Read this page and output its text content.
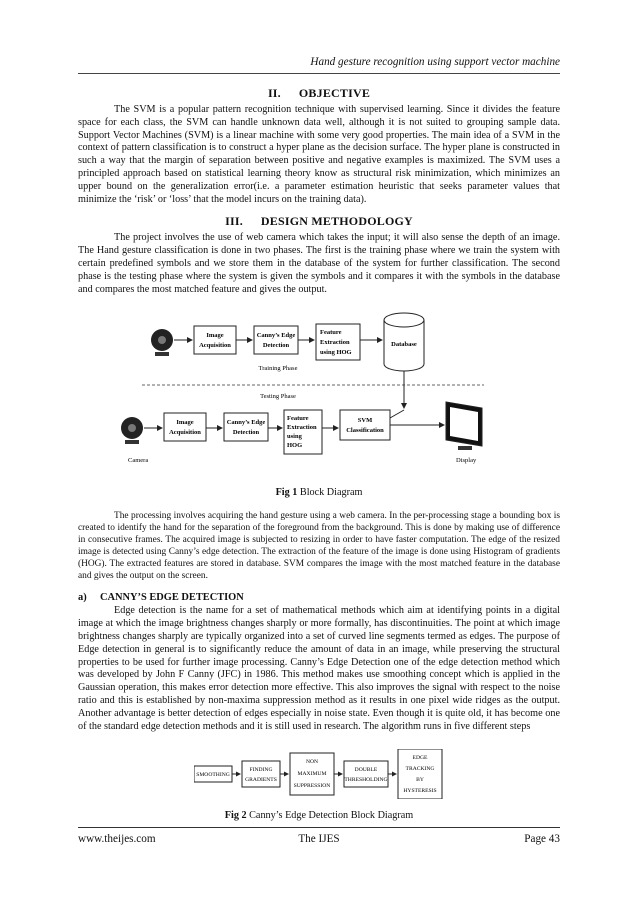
Hand gesture recognition using support vector machine
II. OBJECTIVE

The SVM is a popular pattern recognition technique with supervised learning. Since it divides the feature space for each class, the SVM can handle unknown data well, although it is not suited to grouping sample data. Support Vector Machines (SVM) is a linear machine with some very good properties. The main idea of a SVM in the context of pattern classification is to construct a hyper plane as the decision surface. The hyper plane is constructed in such a way that the margin of separation between positive and negative examples is maximized. The SVM uses a principled approach based on statistical learning theory know as structural risk minimization, which minimizes an upper bound on the generalization error(i.e. a parameter estimation heuristic that seeks parameter values that minimize the ‘risk’ or ‘loss’ that the model incurs on the training data).

III. DESIGN METHODOLOGY

The project involves the use of web camera which takes the input; it will also sense the depth of an image. The Hand gesture classification is done in two phases. The first is the training phase where we train the system with certain predefined symbols and we store them in the database of the system for further classification. The second phase is the testing phase where the system is given the symbols and it compares it with the symbols in the database and compares the most matched feature and gives the output.

Image
Acquisition
Canny’s Edge
Detection
Feature
Extraction
using HOG
Database
Training Phase
Testing Phase
Image
Acquisition
Canny’s Edge
Detection
Feature
Extraction
using
HOG
SVM
Classification
Camera	Display
Fig 1 Block Diagram

The processing involves acquiring the hand gesture using a web camera. In the per-processing stage a bounding box is created to identify the hand for the separation of the foreground from the background. This is done by making use of difference in consecutive frames. The acquired image is subjected to resizing in order to have faster computation. The edge of the resized image is detected using Canny’s edge detection. The extraction of the feature of the image is done using Histogram of gradients (HOG). The extracted features are stored in database. SVM compares the image with the most matched feature in the database and gives the output on the screen.

a) CANNY’S EDGE DETECTION

Edge detection is the name for a set of mathematical methods which aim at identifying points in a digital image at which the image brightness changes sharply or more formally, has discontinuities. The point at which image brightness changes sharply are typically organized into a set of curved line segments termed as edges. The purpose of Edge detection in general is to significantly reduce the amount of data in an image, while preserving the structural properties to be used for further image processing. Canny’s Edge Detection one of the edge detection method which was developed by John F Canny (JFC) in 1986. This method makes use smoothing concept which is applied in the Gaussian operation, this makes error detection more effective. This also improves the signal with respect to the noise ratio and this is established by non-maxima suppression method as it results in one pixel wide ridges as the output. Another advantage is better detection of edges especially in noise state. Even though it is quite old, it has become one of the standard edge detection methods and it is still used in research. The algorithm runs in five different steps

SMOOTHING
FINDING
GRADIENTS
NON
MAXIMUM
SUPPRESSION
DOUBLE
THRESHOLDING
EDGE
TRACKING
BY
HYSTERESIS
Fig 2 Canny’s Edge Detection Block Diagram
www.theijes.com	The IJES	Page 43
